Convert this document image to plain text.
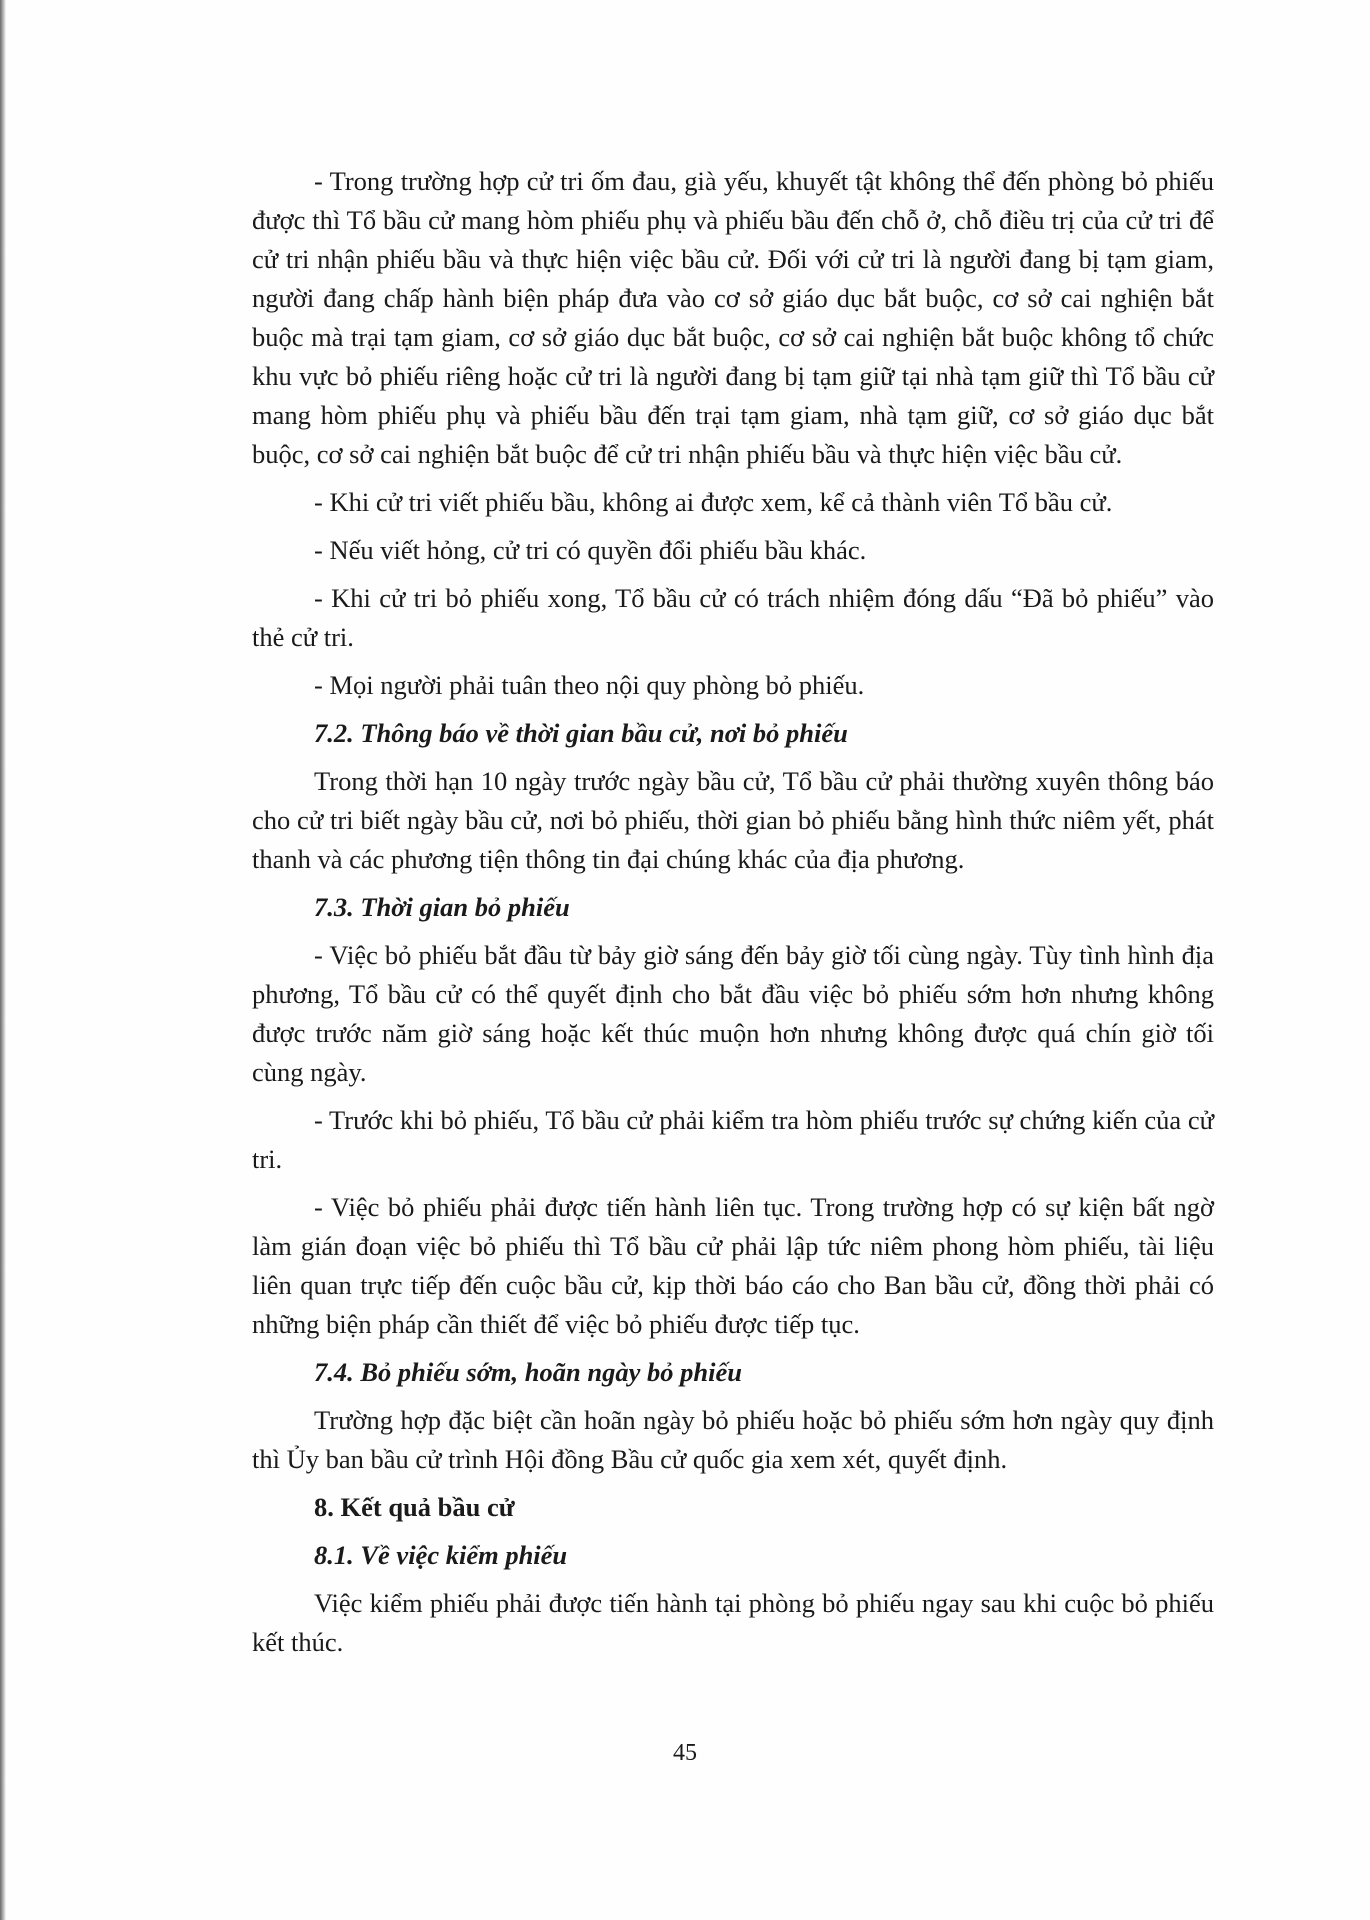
- Trong trường hợp cử tri ốm đau, già yếu, khuyết tật không thể đến phòng bỏ phiếu được thì Tổ bầu cử mang hòm phiếu phụ và phiếu bầu đến chỗ ở, chỗ điều trị của cử tri để cử tri nhận phiếu bầu và thực hiện việc bầu cử. Đối với cử tri là người đang bị tạm giam, người đang chấp hành biện pháp đưa vào cơ sở giáo dục bắt buộc, cơ sở cai nghiện bắt buộc mà trại tạm giam, cơ sở giáo dục bắt buộc, cơ sở cai nghiện bắt buộc không tổ chức khu vực bỏ phiếu riêng hoặc cử tri là người đang bị tạm giữ tại nhà tạm giữ thì Tổ bầu cử mang hòm phiếu phụ và phiếu bầu đến trại tạm giam, nhà tạm giữ, cơ sở giáo dục bắt buộc, cơ sở cai nghiện bắt buộc để cử tri nhận phiếu bầu và thực hiện việc bầu cử.

- Khi cử tri viết phiếu bầu, không ai được xem, kể cả thành viên Tổ bầu cử.

- Nếu viết hỏng, cử tri có quyền đổi phiếu bầu khác.

- Khi cử tri bỏ phiếu xong, Tổ bầu cử có trách nhiệm đóng dấu “Đã bỏ phiếu” vào thẻ cử tri.

- Mọi người phải tuân theo nội quy phòng bỏ phiếu.

7.2. Thông báo về thời gian bầu cử, nơi bỏ phiếu

Trong thời hạn 10 ngày trước ngày bầu cử, Tổ bầu cử phải thường xuyên thông báo cho cử tri biết ngày bầu cử, nơi bỏ phiếu, thời gian bỏ phiếu bằng hình thức niêm yết, phát thanh và các phương tiện thông tin đại chúng khác của địa phương.

7.3. Thời gian bỏ phiếu

- Việc bỏ phiếu bắt đầu từ bảy giờ sáng đến bảy giờ tối cùng ngày. Tùy tình hình địa phương, Tổ bầu cử có thể quyết định cho bắt đầu việc bỏ phiếu sớm hơn nhưng không được trước năm giờ sáng hoặc kết thúc muộn hơn nhưng không được quá chín giờ tối cùng ngày.

- Trước khi bỏ phiếu, Tổ bầu cử phải kiểm tra hòm phiếu trước sự chứng kiến của cử tri.

- Việc bỏ phiếu phải được tiến hành liên tục. Trong trường hợp có sự kiện bất ngờ làm gián đoạn việc bỏ phiếu thì Tổ bầu cử phải lập tức niêm phong hòm phiếu, tài liệu liên quan trực tiếp đến cuộc bầu cử, kịp thời báo cáo cho Ban bầu cử, đồng thời phải có những biện pháp cần thiết để việc bỏ phiếu được tiếp tục.

7.4. Bỏ phiếu sớm, hoãn ngày bỏ phiếu

Trường hợp đặc biệt cần hoãn ngày bỏ phiếu hoặc bỏ phiếu sớm hơn ngày quy định thì Ủy ban bầu cử trình Hội đồng Bầu cử quốc gia xem xét, quyết định.

8. Kết quả bầu cử

8.1. Về việc kiểm phiếu

Việc kiểm phiếu phải được tiến hành tại phòng bỏ phiếu ngay sau khi cuộc bỏ phiếu kết thúc.

45
